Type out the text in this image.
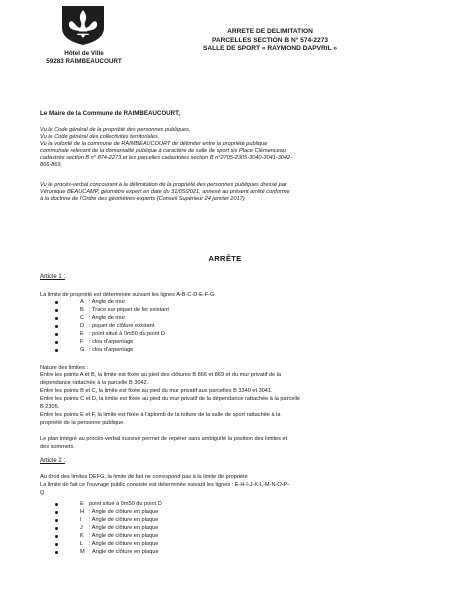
Hôtel de Ville
59283 RAIMBEAUCOURT
ARRETE DE DELIMITATION
PARCELLES SECTION B N° 574-2273
SALLE DE SPORT « RAYMOND DAPVRIL »
Le Maire de la Commune de RAIMBEAUCOURT,
Vu le Code général de la propriété des personnes publiques,
Vu le Code général des collectivités territoriales,
Vu la volonté de la commune de RAIMBEAUCOURT de délimiter entre la propriété publique
communale relevant de la domanialité publique à caractère de salle de sport sis Place Clémenceau
cadastrée section B n° 874-2273 et les parcelles cadastrées section B n°2705-2305-3040-3041-3042-
866-869,
Vu le procès-verbal concourant à la délimitation de la propriété des personnes publiques dressé par
Véronique BEAUCAMP, géomètre expert en date du 31/05/2021, annexé au présent arrêté conforme
à la doctrine de l'Ordre des géomètres-experts (Conseil Supérieur 24 janvier 2017)
ARRÊTE
Article 1 :
La limite de propriété est déterminée suivant les lignes A-B-C-D-E-F-G
A : Angle de mur
B : Trace sur piquet de fer existant
C : Angle de mur
D : piquet de clôture existant
E : point situé à 0m50 du point D
F : clou d'arpentage
G : clou d'arpentage
Nature des limites :
Entre les points A et B, la limite est fixée au pied des clôtures B 866 et 869 et du mur privatif de la
dépendance rattachée à la parcelle B 3042.
Entre les points B et C, la limite est fixée au pied du mur privatif aux parcelles B 3340 et 3041.
Entre les points C et D, la limite est fixée au pied du mur privatif de la dépendance rattachée à la parcelle
B 2305.
Entre les points E et F, la limite est fixée à l'aplomb de la toiture de la salle de sport rattachée à la
propriété de la personne publique.
Le plan intégré au procès-verbal susvisé permet de repérer sans ambiguïté la position des limites et
des sommets.
Article 2 :
Au droit des limites DEFG, la limite de fait ne correspond pas à la limite de propriété
La limite de fait ce l'ouvrage public consiste est déterminée suivant les lignes : E-H-I-J-K-L-M-N-O-P-
Q
E point situé à 0m50 du point D
H : Angle de clôture en plaque
I : Angle de clôture en plaque
J : Angle de clôture en plaque
K : Angle de clôture en plaque
L : Angle de clôture en plaque
M Angle de clôture en plaque
